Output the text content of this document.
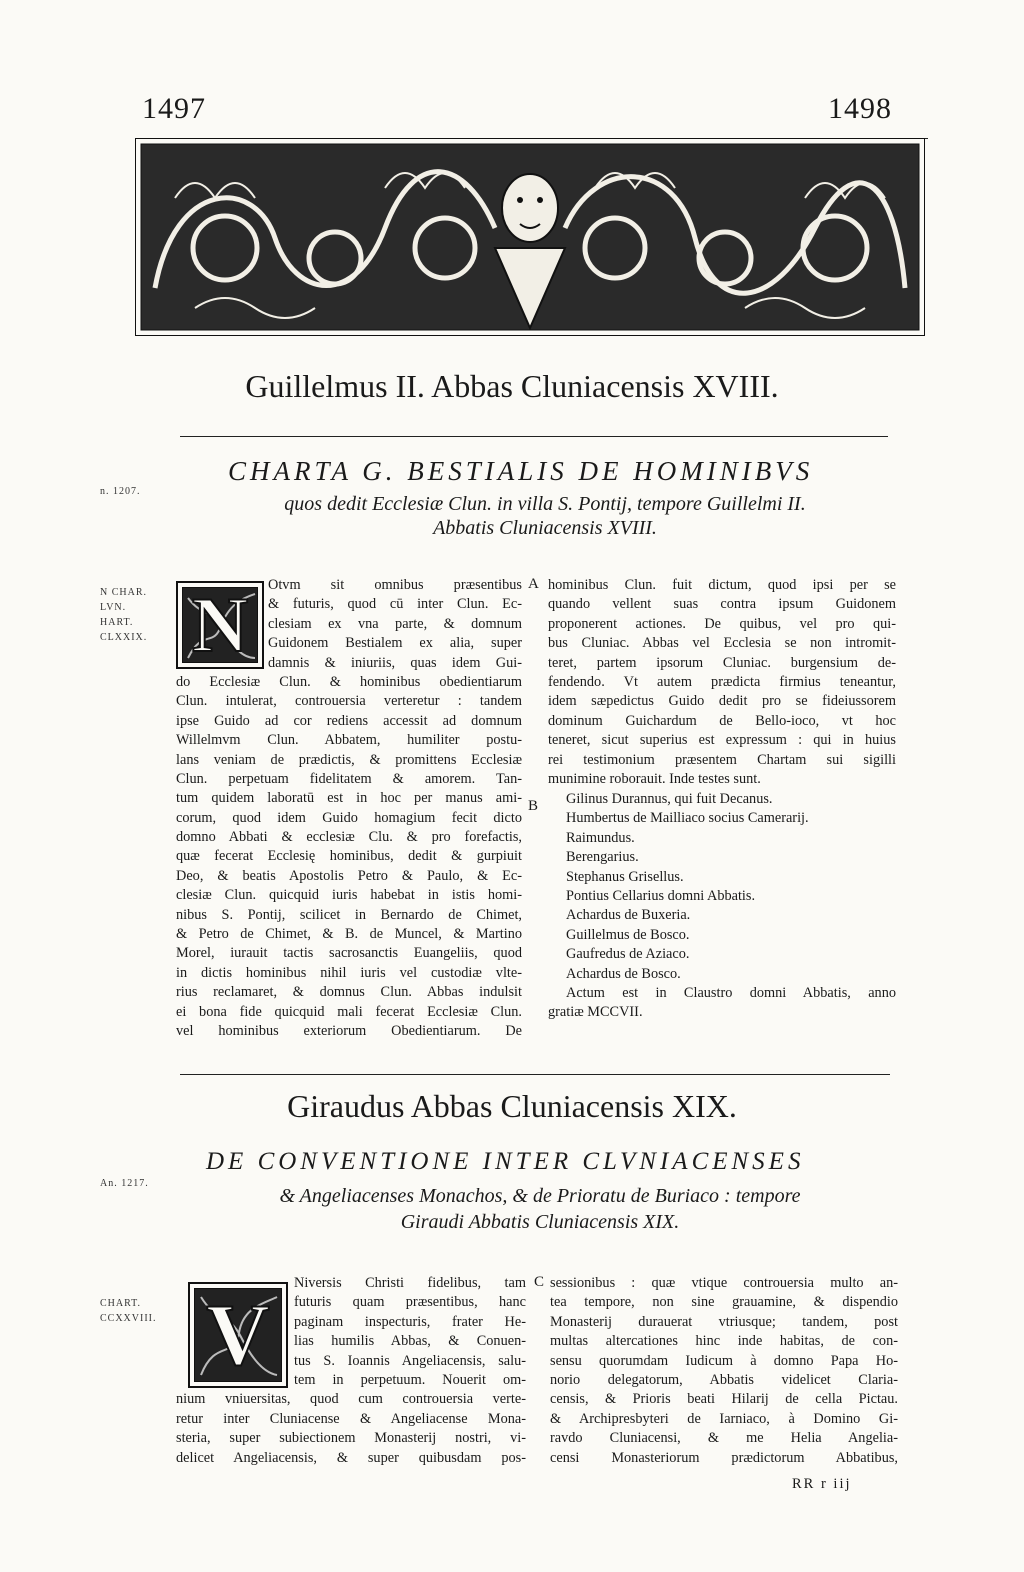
1497	1498
Guillelmus II. Abbas Cluniacensis XVIII.
n. 1207.
CHARTA G. BESTIALIS DE HOMINIBVS
quos dedit Ecclesiæ Clun. in villa S. Pontij, tempore Guillelmi II.
Abbatis Cluniacensis XVIII.
N CHAR.
LVN.
HART.
CLXXIX. N	Otvm sit omnibus præsentibus
& futuris, quod cū inter Clun. Ec-
clesiam ex vna parte, & domnum
Guidonem Bestialem ex alia, super
damnis & iniuriis, quas idem Gui-
do Ecclesiæ Clun. & hominibus obedientiarum
Clun. intulerat, controuersia verteretur : tandem
ipse Guido ad cor rediens accessit ad domnum
Willelmvm Clun. Abbatem, humiliter postu-
lans veniam de prædictis, & promittens Ecclesiæ
Clun. perpetuam fidelitatem & amorem. Tan-
tum quidem laboratū est in hoc per manus ami-
corum, quod idem Guido homagium fecit dicto
domno Abbati & ecclesiæ Clu. & pro forefactis,
quæ fecerat Ecclesię hominibus, dedit & gurpiuit
Deo, & beatis Apostolis Petro & Paulo, & Ec-
clesiæ Clun. quicquid iuris habebat in istis homi-
nibus S. Pontij, scilicet in Bernardo de Chimet,
& Petro de Chimet, & B. de Muncel, & Martino
Morel, iurauit tactis sacrosanctis Euangeliis, quod
in dictis hominibus nihil iuris vel custodiæ vlte-
rius reclamaret, & domnus Clun. Abbas indulsit
ei bona fide quicquid mali fecerat Ecclesiæ Clun.
vel hominibus exteriorum Obedientiarum. De
A
B
hominibus Clun. fuit dictum, quod ipsi per se
quando vellent suas contra ipsum Guidonem
proponerent actiones. De quibus, vel pro qui-
bus Cluniac. Abbas vel Ecclesia se non intromit-
teret, partem ipsorum Cluniac. burgensium de-
fendendo. Vt autem prædicta firmius teneantur,
idem sæpedictus Guido dedit pro se fideiussorem
dominum Guichardum de Bello-ioco, vt hoc
teneret, sicut superius est expressum : qui in huius
rei testimonium præsentem Chartam sui sigilli
munimine roborauit. Inde testes sunt.
Gilinus Durannus, qui fuit Decanus.
Humbertus de Mailliaco socius Camerarij.
Raimundus.
Berengarius.
Stephanus Grisellus.
Pontius Cellarius domni Abbatis.
Achardus de Buxeria.
Guillelmus de Bosco.
Gaufredus de Aziaco.
Achardus de Bosco.
Actum est in Claustro domni Abbatis, anno
gratiæ MCCVII.
Giraudus Abbas Cluniacensis XIX.
An. 1217.
DE CONVENTIONE INTER CLVNIACENSES
& Angeliacenses Monachos, & de Prioratu de Buriaco : tempore
Giraudi Abbatis Cluniacensis XIX.
CHART.
CCXXVIII. V
C
Niversis Christi fidelibus, tam
futuris quam præsentibus, hanc
paginam inspecturis, frater He-
lias humilis Abbas, & Conuen-
tus S. Ioannis Angeliacensis, salu-
tem in perpetuum. Nouerit om-
nium vniuersitas, quod cum controuersia verte-
retur inter Cluniacense & Angeliacense Mona-
steria, super subiectionem Monasterij nostri, vi-
delicet Angeliacensis, & super quibusdam pos-
sessionibus : quæ vtique controuersia multo an-
tea tempore, non sine grauamine, & dispendio
Monasterij durauerat vtriusque; tandem, post
multas altercationes hinc inde habitas, de con-
sensu quorumdam Iudicum à domno Papa Ho-
norio delegatorum, Abbatis videlicet Claria-
censis, & Prioris beati Hilarij de cella Pictau.
& Archipresbyteri de Iarniaco, à Domino Gi-
ravdo Cluniacensi, & me Helia Angelia-
censi Monasteriorum prædictorum Abbatibus,
RR r iij
